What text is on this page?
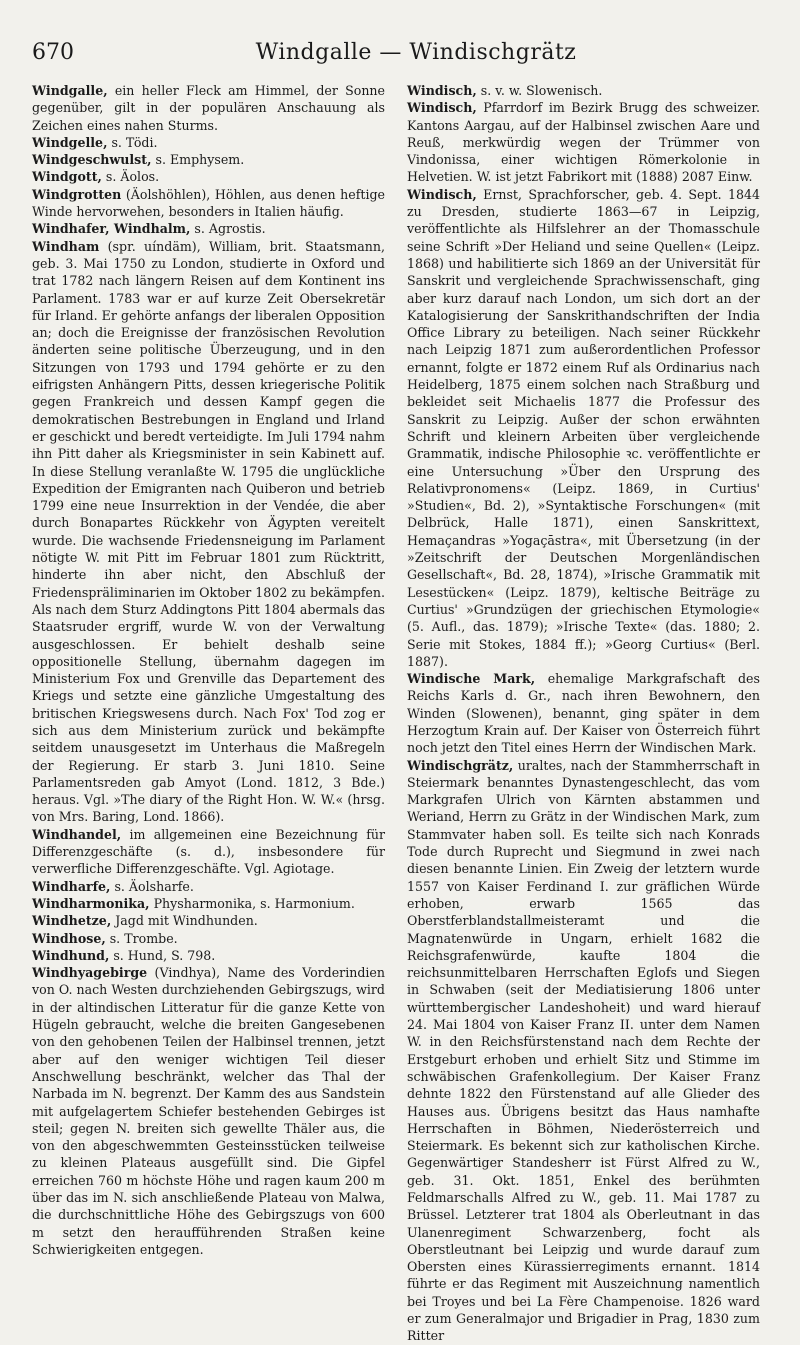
670	Windgalle — Windischgrätz

Windgalle, ein heller Fleck am Himmel, der Sonne gegenüber, gilt in der populären Anschauung als Zeichen eines nahen Sturms.

Windgelle, s. Tödi.

Windgeschwulst, s. Emphysem.

Windgott, s. Äolos.

Windgrotten (Äolshöhlen), Höhlen, aus denen heftige Winde hervorwehen, besonders in Italien häufig.

Windhafer, Windhalm, s. Agrostis.

Windham (spr. uíndäm), William, brit. Staatsmann, geb. 3. Mai 1750 zu London, studierte in Oxford und trat 1782 nach längern Reisen auf dem Kontinent ins Parlament. 1783 war er auf kurze Zeit Obersekretär für Irland. Er gehörte anfangs der liberalen Opposition an; doch die Ereignisse der französischen Revolution änderten seine politische Überzeugung, und in den Sitzungen von 1793 und 1794 gehörte er zu den eifrigsten Anhängern Pitts, dessen kriegerische Politik gegen Frankreich und dessen Kampf gegen die demokratischen Bestrebungen in England und Irland er geschickt und beredt verteidigte. Im Juli 1794 nahm ihn Pitt daher als Kriegsminister in sein Kabinett auf. In diese Stellung veranlaßte W. 1795 die unglückliche Expedition der Emigranten nach Quiberon und betrieb 1799 eine neue Insurrektion in der Vendée, die aber durch Bonapartes Rückkehr von Ägypten vereitelt wurde. Die wachsende Friedensneigung im Parlament nötigte W. mit Pitt im Februar 1801 zum Rücktritt, hinderte ihn aber nicht, den Abschluß der Friedenspräliminarien im Oktober 1802 zu bekämpfen. Als nach dem Sturz Addingtons Pitt 1804 abermals das Staatsruder ergriff, wurde W. von der Verwaltung ausgeschlossen. Er behielt deshalb seine oppositionelle Stellung, übernahm dagegen im Ministerium Fox und Grenville das Departement des Kriegs und setzte eine gänzliche Umgestaltung des britischen Kriegswesens durch. Nach Fox' Tod zog er sich aus dem Ministerium zurück und bekämpfte seitdem unausgesetzt im Unterhaus die Maßregeln der Regierung. Er starb 3. Juni 1810. Seine Parlamentsreden gab Amyot (Lond. 1812, 3 Bde.) heraus. Vgl. »The diary of the Right Hon. W. W.« (hrsg. von Mrs. Baring, Lond. 1866).

Windhandel, im allgemeinen eine Bezeichnung für Differenzgeschäfte (s. d.), insbesondere für verwerfliche Differenzgeschäfte. Vgl. Agiotage.

Windharfe, s. Äolsharfe.

Windharmonika, Physharmonika, s. Harmonium.

Windhetze, Jagd mit Windhunden.

Windhose, s. Trombe.

Windhund, s. Hund, S. 798.

Windhyagebirge (Vindhya), Name des Vorderindien von O. nach Westen durchziehenden Gebirgszugs, wird in der altindischen Litteratur für die ganze Kette von Hügeln gebraucht, welche die breiten Gangesebenen von den gehobenen Teilen der Halbinsel trennen, jetzt aber auf den weniger wichtigen Teil dieser Anschwellung beschränkt, welcher das Thal der Narbada im N. begrenzt. Der Kamm des aus Sandstein mit aufgelagertem Schiefer bestehenden Gebirges ist steil; gegen N. breiten sich gewellte Thäler aus, die von den abgeschwemmten Gesteinsstücken teilweise zu kleinen Plateaus ausgefüllt sind. Die Gipfel erreichen 760 m höchste Höhe und ragen kaum 200 m über das im N. sich anschließende Plateau von Malwa, die durchschnittliche Höhe des Gebirgszugs von 600 m setzt den heraufführenden Straßen keine Schwierigkeiten entgegen.

Windisch, s. v. w. Slowenisch.

Windisch, Pfarrdorf im Bezirk Brugg des schweizer. Kantons Aargau, auf der Halbinsel zwischen Aare und Reuß, merkwürdig wegen der Trümmer von Vindonissa, einer wichtigen Römerkolonie in Helvetien. W. ist jetzt Fabrikort mit (1888) 2087 Einw.

Windisch, Ernst, Sprachforscher, geb. 4. Sept. 1844 zu Dresden, studierte 1863—67 in Leipzig, veröffentlichte als Hilfslehrer an der Thomasschule seine Schrift »Der Heliand und seine Quellen« (Leipz. 1868) und habilitierte sich 1869 an der Universität für Sanskrit und vergleichende Sprachwissenschaft, ging aber kurz darauf nach London, um sich dort an der Katalogisierung der Sanskrithandschriften der India Office Library zu beteiligen. Nach seiner Rückkehr nach Leipzig 1871 zum außerordentlichen Professor ernannt, folgte er 1872 einem Ruf als Ordinarius nach Heidelberg, 1875 einem solchen nach Straßburg und bekleidet seit Michaelis 1877 die Professur des Sanskrit zu Leipzig. Außer der schon erwähnten Schrift und kleinern Arbeiten über vergleichende Grammatik, indische Philosophie ꝛc. veröffentlichte er eine Untersuchung »Über den Ursprung des Relativpronomens« (Leipz. 1869, in Curtius' »Studien«, Bd. 2), »Syntaktische Forschungen« (mit Delbrück, Halle 1871), einen Sanskrittext, Hemaçandras »Yogaçāstra«, mit Übersetzung (in der »Zeitschrift der Deutschen Morgenländischen Gesellschaft«, Bd. 28, 1874), »Irische Grammatik mit Lesestücken« (Leipz. 1879), keltische Beiträge zu Curtius' »Grundzügen der griechischen Etymologie« (5. Aufl., das. 1879); »Irische Texte« (das. 1880; 2. Serie mit Stokes, 1884 ff.); »Georg Curtius« (Berl. 1887).

Windische Mark, ehemalige Markgrafschaft des Reichs Karls d. Gr., nach ihren Bewohnern, den Winden (Slowenen), benannt, ging später in dem Herzogtum Krain auf. Der Kaiser von Österreich führt noch jetzt den Titel eines Herrn der Windischen Mark.

Windischgrätz, uraltes, nach der Stammherrschaft in Steiermark benanntes Dynastengeschlecht, das vom Markgrafen Ulrich von Kärnten abstammen und Weriand, Herrn zu Grätz in der Windischen Mark, zum Stammvater haben soll. Es teilte sich nach Konrads Tode durch Ruprecht und Siegmund in zwei nach diesen benannte Linien. Ein Zweig der letztern wurde 1557 von Kaiser Ferdinand I. zur gräflichen Würde erhoben, erwarb 1565 das Oberstferblandstallmeisteramt und die Magnatenwürde in Ungarn, erhielt 1682 die Reichsgrafenwürde, kaufte 1804 die reichsunmittelbaren Herrschaften Eglofs und Siegen in Schwaben (seit der Mediatisierung 1806 unter württembergischer Landeshoheit) und ward hierauf 24. Mai 1804 von Kaiser Franz II. unter dem Namen W. in den Reichsfürstenstand nach dem Rechte der Erstgeburt erhoben und erhielt Sitz und Stimme im schwäbischen Grafenkollegium. Der Kaiser Franz dehnte 1822 den Fürstenstand auf alle Glieder des Hauses aus. Übrigens besitzt das Haus namhafte Herrschaften in Böhmen, Niederösterreich und Steiermark. Es bekennt sich zur katholischen Kirche. Gegenwärtiger Standesherr ist Fürst Alfred zu W., geb. 31. Okt. 1851, Enkel des berühmten Feldmarschalls Alfred zu W., geb. 11. Mai 1787 zu Brüssel. Letzterer trat 1804 als Oberleutnant in das Ulanenregiment Schwarzenberg, focht als Oberstleutnant bei Leipzig und wurde darauf zum Obersten eines Kürassierregiments ernannt. 1814 führte er das Regiment mit Auszeichnung namentlich bei Troyes und bei La Fère Champenoise. 1826 ward er zum Generalmajor und Brigadier in Prag, 1830 zum Ritter
